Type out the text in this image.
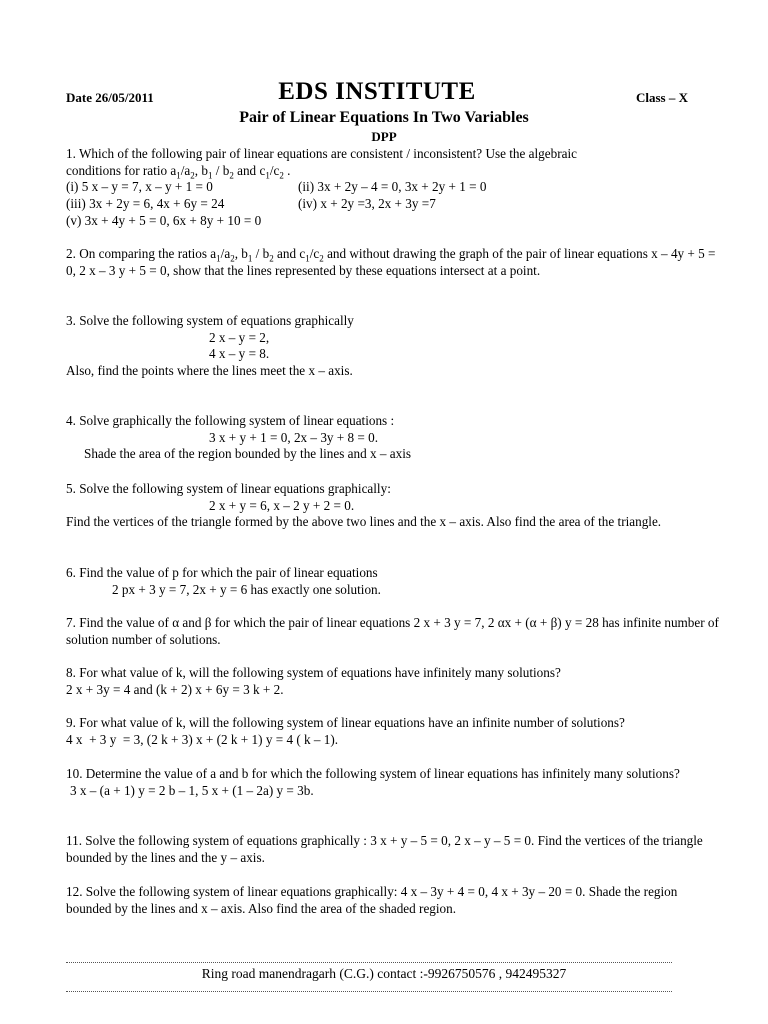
Date 26/05/2011	EDS INSTITUTE	Class – X
Pair of Linear Equations In Two Variables
DPP
1. Which of the following pair of linear equations are consistent / inconsistent? Use the algebraic
conditions for ratio $a_1/a_2$, $b_1 / b_2$ and $c_1/c_2$ .
(i) 5 x – y = 7, x – y + 1 = 0	(ii) 3x + 2y – 4 = 0, 3x + 2y + 1 = 0
(iii) 3x + 2y = 6, 4x + 6y = 24	(iv) x + 2y =3, 2x + 3y =7
(v) 3x + 4y + 5 = 0, 6x + 8y + 10 = 0
2. On comparing the ratios $a_1/a_2$, $b_1 / b_2$ and $c_1/c_2$ and without drawing the graph of the pair of linear equations x – 4y + 5 = 0, 2 x – 3 y + 5 = 0, show that the lines represented by these equations intersect at a point.
3. Solve the following system of equations graphically
2 x – y = 2,
4 x – y = 8.
Also, find the points where the lines meet the x – axis.
4. Solve graphically the following system of linear equations :
3 x + y + 1 = 0, 2x – 3y + 8 = 0.
Shade the area of the region bounded by the lines and x – axis
5. Solve the following system of linear equations graphically:
2 x + y = 6, x – 2 y + 2 = 0.
Find the vertices of the triangle formed by the above two lines and the x – axis. Also find the area of the triangle.
6. Find the value of p for which the pair of linear equations
2 px + 3 y = 7, 2x + y = 6 has exactly one solution.
7. Find the value of α and β for which the pair of linear equations 2 x + 3 y = 7, 2 αx + (α + β) y = 28 has infinite number of solution number of solutions.
8. For what value of k, will the following system of equations have infinitely many solutions?
2 x + 3y = 4 and (k + 2) x + 6y = 3 k + 2.
9. For what value of k, will the following system of linear equations have an infinite number of solutions?
4 x  + 3 y  = 3, (2 k + 3) x + (2 k + 1) y = 4 ( k – 1).
10. Determine the value of a and b for which the following system of linear equations has infinitely many solutions?
3 x – (a + 1) y = 2 b – 1, 5 x + (1 – 2a) y = 3b.
11. Solve the following system of equations graphically : 3 x + y – 5 = 0, 2 x – y – 5 = 0. Find the vertices of the triangle bounded by the lines and the y – axis.
12. Solve the following system of linear equations graphically: 4 x – 3y + 4 = 0, 4 x + 3y – 20 = 0. Shade the region bounded by the lines and x – axis. Also find the area of the shaded region.
Ring road manendragarh (C.G.) contact :-9926750576 , 942495327
